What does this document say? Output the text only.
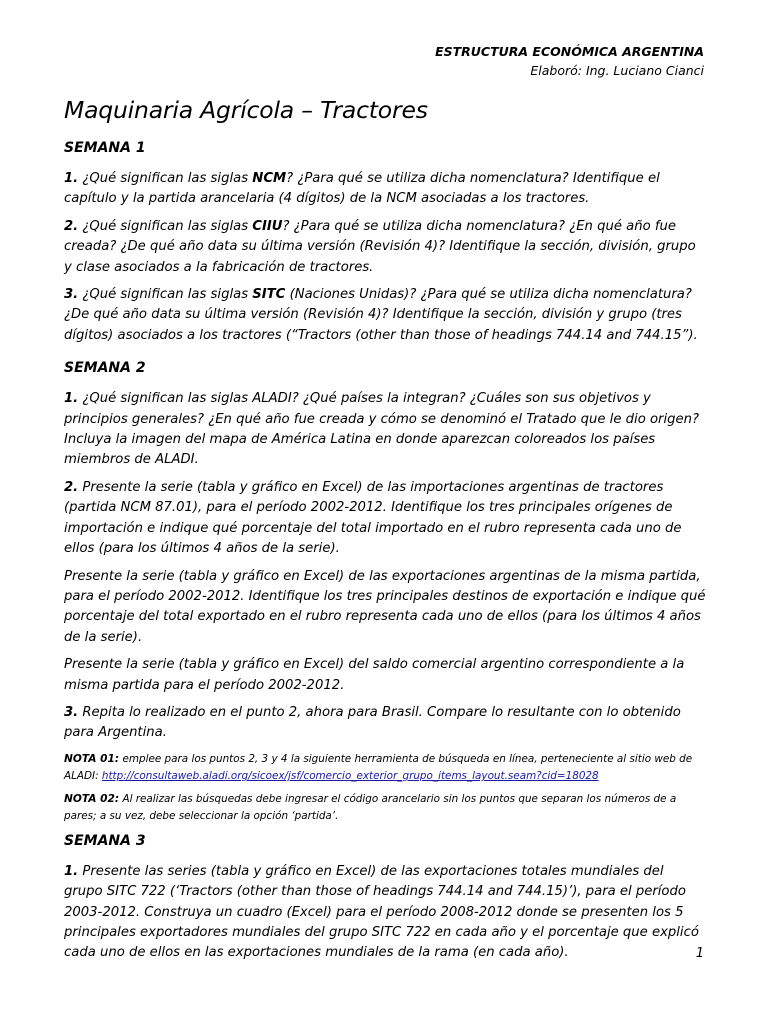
ESTRUCTURA ECONÓMICA ARGENTINA
Elaboró: Ing. Luciano Cianci
Maquinaria Agrícola – Tractores
SEMANA 1

1. ¿Qué significan las siglas NCM? ¿Para qué se utiliza dicha nomenclatura? Identifique el capítulo y la partida arancelaria (4 dígitos) de la NCM asociadas a los tractores.

2. ¿Qué significan las siglas CIIU? ¿Para qué se utiliza dicha nomenclatura? ¿En qué año fue creada? ¿De qué año data su última versión (Revisión 4)? Identifique la sección, división, grupo y clase asociados a la fabricación de tractores.

3. ¿Qué significan las siglas SITC (Naciones Unidas)? ¿Para qué se utiliza dicha nomenclatura? ¿De qué año data su última versión (Revisión 4)? Identifique la sección, división y grupo (tres dígitos) asociados a los tractores (“Tractors (other than those of headings 744.14 and 744.15”).

SEMANA 2

1. ¿Qué significan las siglas ALADI? ¿Qué países la integran? ¿Cuáles son sus objetivos y principios generales? ¿En qué año fue creada y cómo se denominó el Tratado que le dio origen? Incluya la imagen del mapa de América Latina en donde aparezcan coloreados los países miembros de ALADI.

2. Presente la serie (tabla y gráfico en Excel) de las importaciones argentinas de tractores (partida NCM 87.01), para el período 2002-2012. Identifique los tres principales orígenes de importación e indique qué porcentaje del total importado en el rubro representa cada uno de ellos (para los últimos 4 años de la serie).

Presente la serie (tabla y gráfico en Excel) de las exportaciones argentinas de la misma partida, para el período 2002-2012. Identifique los tres principales destinos de exportación e indique qué porcentaje del total exportado en el rubro representa cada uno de ellos (para los últimos 4 años de la serie).

Presente la serie (tabla y gráfico en Excel) del saldo comercial argentino correspondiente a la misma partida para el período 2002-2012.

3. Repita lo realizado en el punto 2, ahora para Brasil. Compare lo resultante con lo obtenido para Argentina.

NOTA 01: emplee para los puntos 2, 3 y 4 la siguiente herramienta de búsqueda en línea, perteneciente al sitio web de ALADI: http://consultaweb.aladi.org/sicoex/jsf/comercio_exterior_grupo_items_layout.seam?cid=18028

NOTA 02: Al realizar las búsquedas debe ingresar el código arancelario sin los puntos que separan los números de a pares; a su vez, debe seleccionar la opción ‘partida’.

SEMANA 3

1. Presente las series (tabla y gráfico en Excel) de las exportaciones totales mundiales del grupo SITC 722 (‘Tractors (other than those of headings 744.14 and 744.15)’), para el período 2003-2012. Construya un cuadro (Excel) para el período 2008-2012 donde se presenten los 5 principales exportadores mundiales del grupo SITC 722 en cada año y el porcentaje que explicó cada uno de ellos en las exportaciones mundiales de la rama (en cada año).	1
